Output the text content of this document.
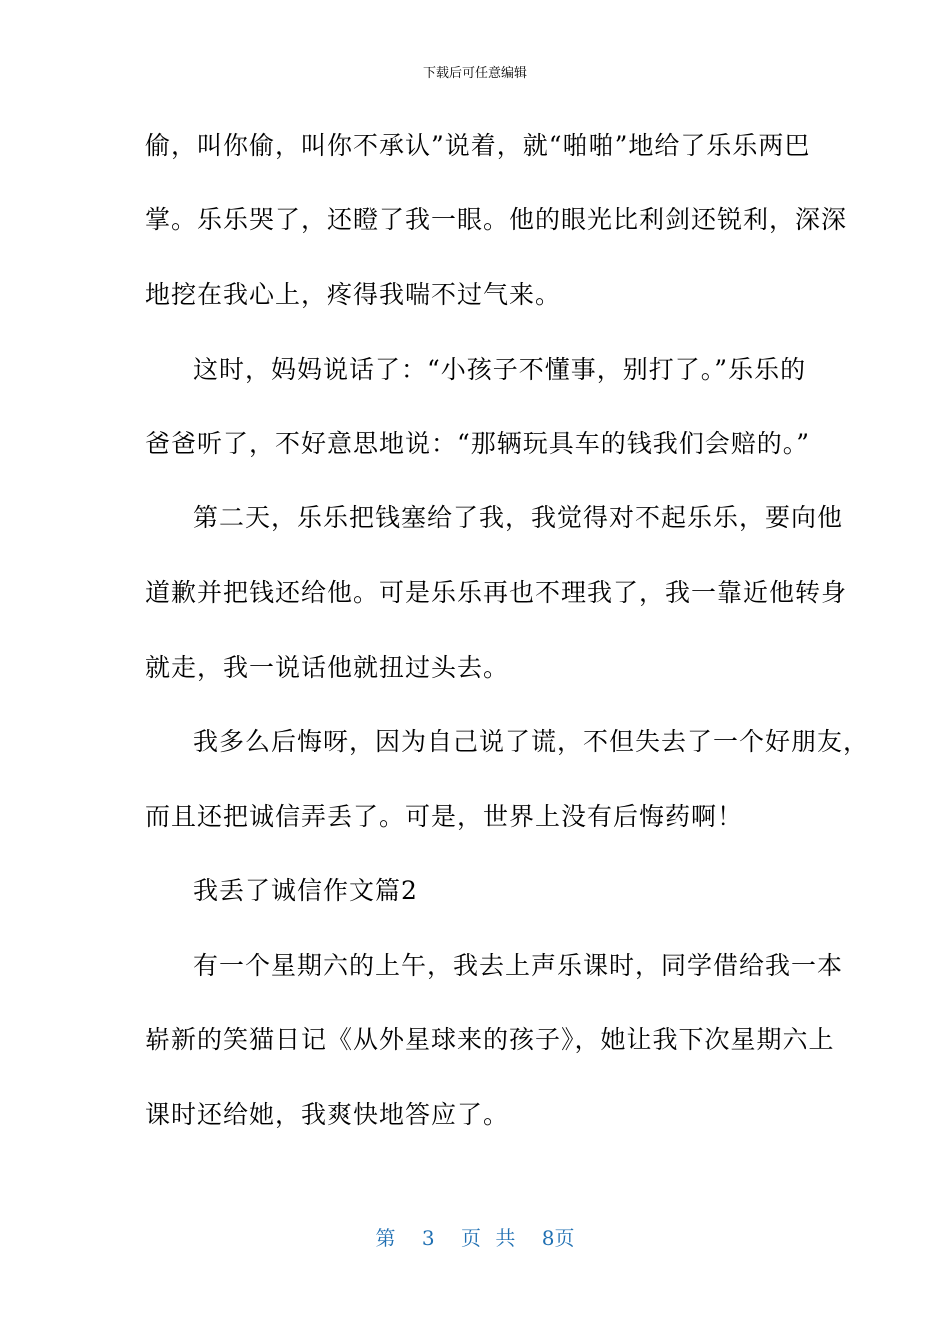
下载后可任意编辑
偷，叫你偷，叫你不承认”说着，就“啪啪”地给了乐乐两巴
掌。乐乐哭了，还瞪了我一眼。他的眼光比利剑还锐利，深深
地挖在我心上，疼得我喘不过气来。
这时，妈妈说话了：“小孩子不懂事，别打了。”乐乐的
爸爸听了，不好意思地说：“那辆玩具车的钱我们会赔的。”
第二天，乐乐把钱塞给了我，我觉得对不起乐乐，要向他
道歉并把钱还给他。可是乐乐再也不理我了，我一靠近他转身
就走，我一说话他就扭过头去。
我多么后悔呀，因为自己说了谎，不但失去了一个好朋友，
而且还把诚信弄丢了。可是，世界上没有后悔药啊！
我丢了诚信作文篇2
有一个星期六的上午，我去上声乐课时，同学借给我一本
崭新的笑猫日记《从外星球来的孩子》，她让我下次星期六上
课时还给她，我爽快地答应了。
第 3 页 共 8页
